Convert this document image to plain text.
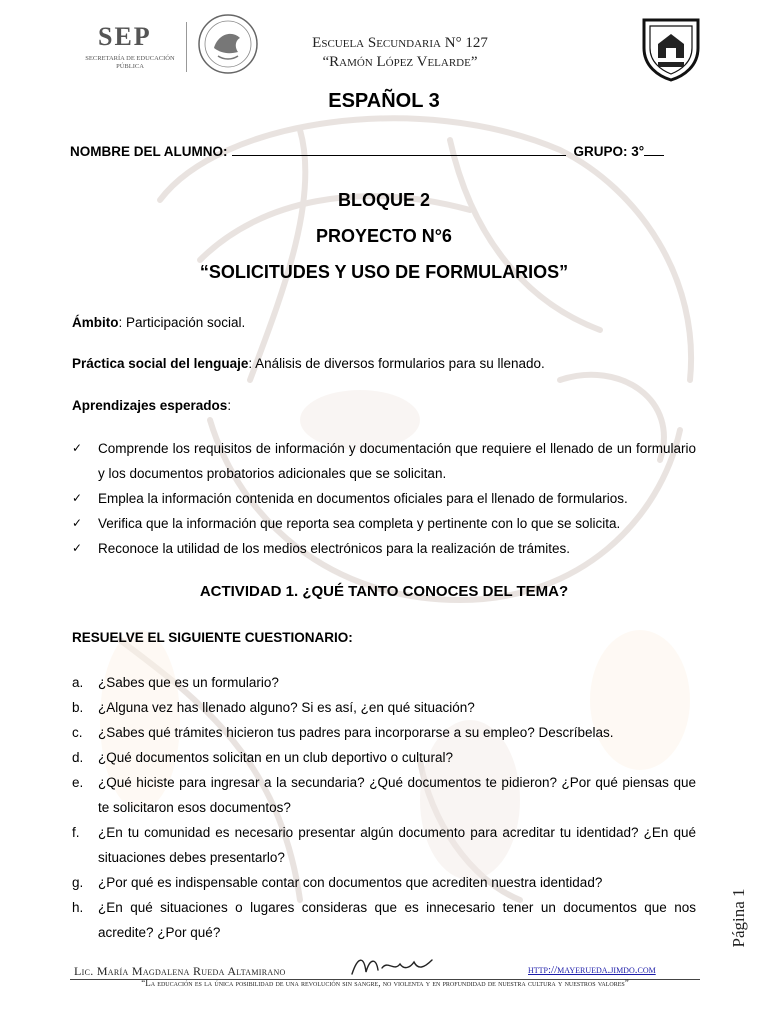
SEP
SECRETARÍA DE EDUCACIÓN PÚBLICA
Escuela Secundaria N° 127
“Ramón López Velarde”
ESPAÑOL 3
NOMBRE DEL ALUMNO:	GRUPO: 3°
BLOQUE 2
PROYECTO N°6
“SOLICITUDES Y USO DE FORMULARIOS”
Ámbito: Participación social.
Práctica social del lenguaje: Análisis de diversos formularios para su llenado.
Aprendizajes esperados:
✓ Comprende los requisitos de información y documentación que requiere el llenado de un formulario y los documentos probatorios adicionales que se solicitan.
✓ Emplea la información contenida en documentos oficiales para el llenado de formularios.
✓ Verifica que la información que reporta sea completa y pertinente con lo que se solicita.
✓ Reconoce la utilidad de los medios electrónicos para la realización de trámites.
ACTIVIDAD 1. ¿QUÉ TANTO CONOCES DEL TEMA?
RESUELVE EL SIGUIENTE CUESTIONARIO:
a. ¿Sabes que es un formulario?
b. ¿Alguna vez has llenado alguno? Si es así, ¿en qué situación?
c. ¿Sabes qué trámites hicieron tus padres para incorporarse a su empleo? Descríbelas.
d. ¿Qué documentos solicitan en un club deportivo o cultural?
e. ¿Qué hiciste para ingresar a la secundaria? ¿Qué documentos te pidieron? ¿Por qué piensas que te solicitaron esos documentos?
f. ¿En tu comunidad es necesario presentar algún documento para acreditar tu identidad? ¿En qué situaciones debes presentarlo?
g. ¿Por qué es indispensable contar con documentos que acrediten nuestra identidad?
h. ¿En qué situaciones o lugares consideras que es innecesario tener un documentos que nos acredite? ¿Por qué?	Página 1
Lic. María Magdalena Rueda Altamirano	http://mayerueda.jimdo.com
“La educación es la única posibilidad de una revolución sin sangre, no violenta y en profundidad de nuestra cultura y nuestros valores”
